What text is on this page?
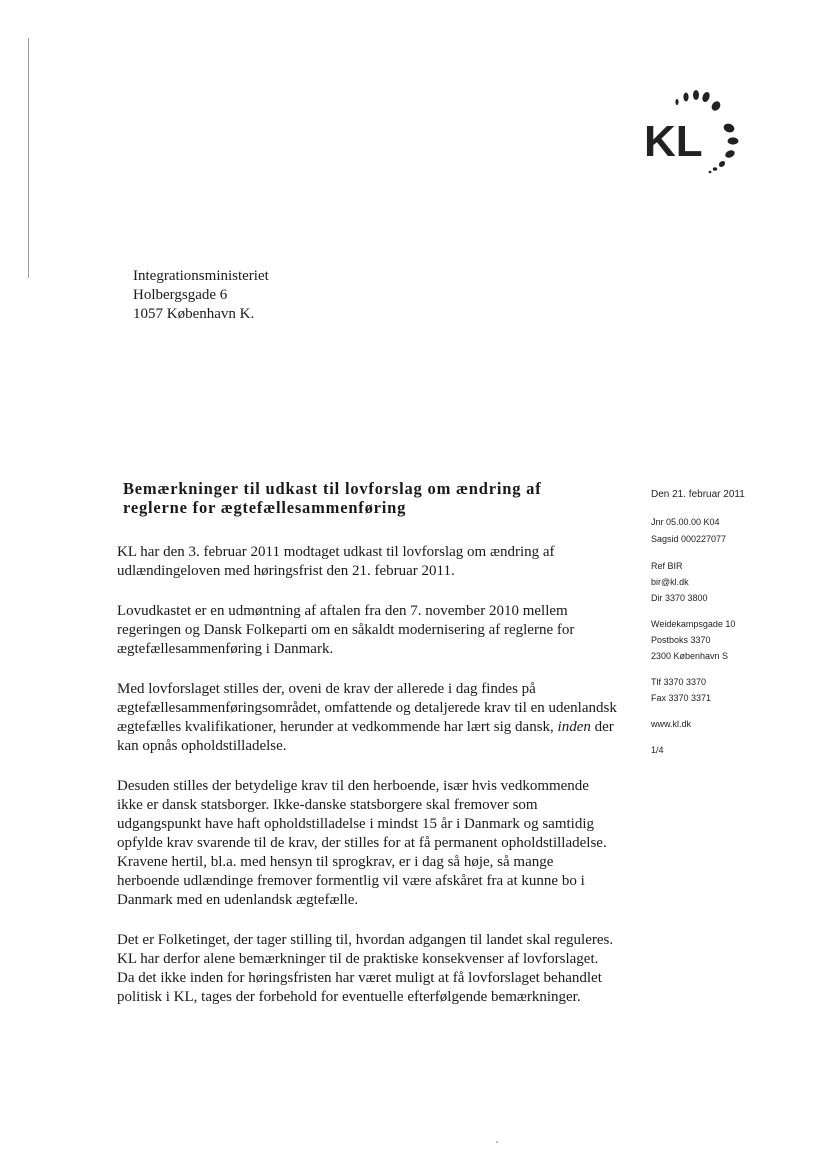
KL
Integrationsministeriet
Holbergsgade 6
1057 København K.
Bemærkninger til udkast til lovforslag om ændring af
reglerne for ægtefællesammenføring
Den 21. februar 2011
Jnr 05.00.00 K04
Sagsid 000227077
Ref BIR
bir@kl.dk
Dir 3370 3800
Weidekampsgade 10
Postboks 3370
2300 København S
Tlf 3370 3370
Fax 3370 3371
www.kl.dk
1/4

KL har den 3. februar 2011 modtaget udkast til lovforslag om ændring af udlændingeloven med høringsfrist den 21. februar 2011.

Lovudkastet er en udmøntning af aftalen fra den 7. november 2010 mellem regeringen og Dansk Folkeparti om en såkaldt modernisering af reglerne for ægtefællesammenføring i Danmark.

Med lovforslaget stilles der, oveni de krav der allerede i dag findes på ægtefællesammenføringsområdet, omfattende og detaljerede krav til en udenlandsk ægtefælles kvalifikationer, herunder at vedkommende har lært sig dansk, inden der kan opnås opholdstilladelse.

Desuden stilles der betydelige krav til den herboende, især hvis vedkommende ikke er dansk statsborger. Ikke-danske statsborgere skal fremover som udgangspunkt have haft opholdstilladelse i mindst 15 år i Danmark og samtidig opfylde krav svarende til de krav, der stilles for at få permanent opholdstilladelse. Kravene hertil, bl.a. med hensyn til sprogkrav, er i dag så høje, så mange herboende udlændinge fremover formentlig vil være afskåret fra at kunne bo i Danmark med en udenlandsk ægtefælle.

Det er Folketinget, der tager stilling til, hvordan adgangen til landet skal reguleres. KL har derfor alene bemærkninger til de praktiske konsekvenser af lovforslaget. Da det ikke inden for høringsfristen har været muligt at få lovforslaget behandlet politisk i KL, tages der forbehold for eventuelle efterfølgende bemærkninger.
